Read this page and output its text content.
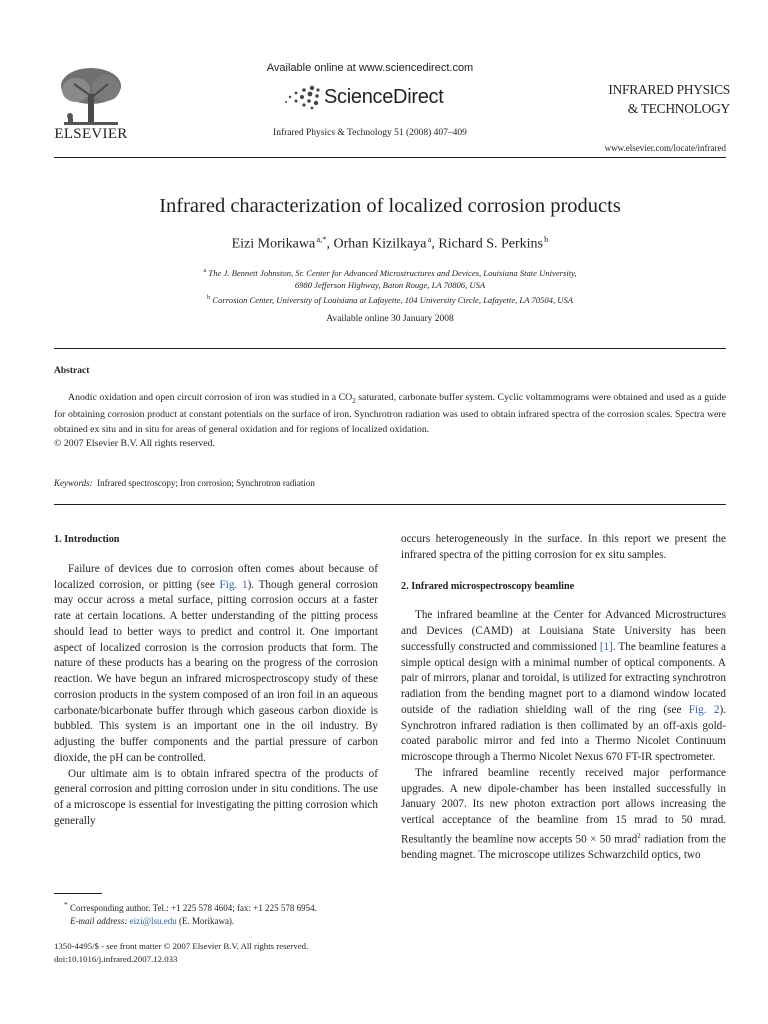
ELSEVIER
Available online at www.sciencedirect.com
ScienceDirect
Infrared Physics & Technology 51 (2008) 407–409
INFRARED PHYSICS
& TECHNOLOGY
www.elsevier.com/locate/infrared
Infrared characterization of localized corrosion products
Eizi Morikawa $^{a,*}$, Orhan Kizilkaya $^a$, Richard S. Perkins $^b$
$^a$ The J. Bennett Johnston, Sr. Center for Advanced Microstructures and Devices, Louisiana State University,
6980 Jefferson Highway, Baton Rouge, LA 70806, USA
$^b$ Corrosion Center, University of Louisiana at Lafayette, 104 University Circle, Lafayette, LA 70504, USA
Available online 30 January 2008
Abstract
Anodic oxidation and open circuit corrosion of iron was studied in a $CO_2$ saturated, carbonate buffer system. Cyclic voltammograms were obtained and used as a guide for obtaining corrosion product at constant potentials on the surface of iron. Synchrotron radiation was used to obtain infrared spectra of the corrosion scales. Spectra were obtained ex situ and in situ for areas of general oxidation and for regions of localized oxidation.
© 2007 Elsevier B.V. All rights reserved.
Keywords: Infrared spectroscopy; Iron corrosion; Synchrotron radiation
1. Introduction

Failure of devices due to corrosion often comes about because of localized corrosion, or pitting (see Fig. 1). Though general corrosion may occur across a metal surface, pitting corrosion occurs at a faster rate at certain locations. A better understanding of the pitting process should lead to better ways to predict and control it. One important aspect of localized corrosion is the corrosion products that form. The nature of these products has a bearing on the progress of the corrosion reaction. We have begun an infrared microspectroscopy study of these corrosion products in the system composed of an iron foil in an aqueous carbonate/bicarbonate buffer through which gaseous carbon dioxide is bubbled. This system is an important one in the oil industry. By adjusting the buffer components and the partial pressure of carbon dioxide, the pH can be controlled.

Our ultimate aim is to obtain infrared spectra of the products of general corrosion and pitting corrosion under in situ conditions. The use of a microscope is essential for investigating the pitting corrosion which generally

occurs heterogeneously in the surface. In this report we present the infrared spectra of the pitting corrosion for ex situ samples.

2. Infrared microspectroscopy beamline

The infrared beamline at the Center for Advanced Microstructures and Devices (CAMD) at Louisiana State University has been successfully constructed and commissioned [1]. The beamline features a simple optical design with a minimal number of optical components. A pair of mirrors, planar and toroidal, is utilized for extracting synchrotron radiation from the bending magnet port to a diamond window located outside of the radiation shielding wall of the ring (see Fig. 2). Synchrotron infrared radiation is then collimated by an off-axis gold-coated parabolic mirror and fed into a Thermo Nicolet Continuum microscope through a Thermo Nicolet Nexus 670 FT-IR spectrometer.

The infrared beamline recently received major performance upgrades. A new dipole-chamber has been installed successfully in January 2007. Its new photon extraction port allows increasing the vertical acceptance of the beamline from 15 mrad to 50 mrad. Resultantly the beamline now accepts 50 × 50 mrad$^2$ radiation from the bending magnet. The microscope utilizes Schwarzchild optics, two

* Corresponding author. Tel.: +1 225 578 4604; fax: +1 225 578 6954.
E-mail address: eizi@lsu.edu (E. Morikawa).
1350-4495/$ - see front matter © 2007 Elsevier B.V. All rights reserved.
doi:10.1016/j.infrared.2007.12.033
